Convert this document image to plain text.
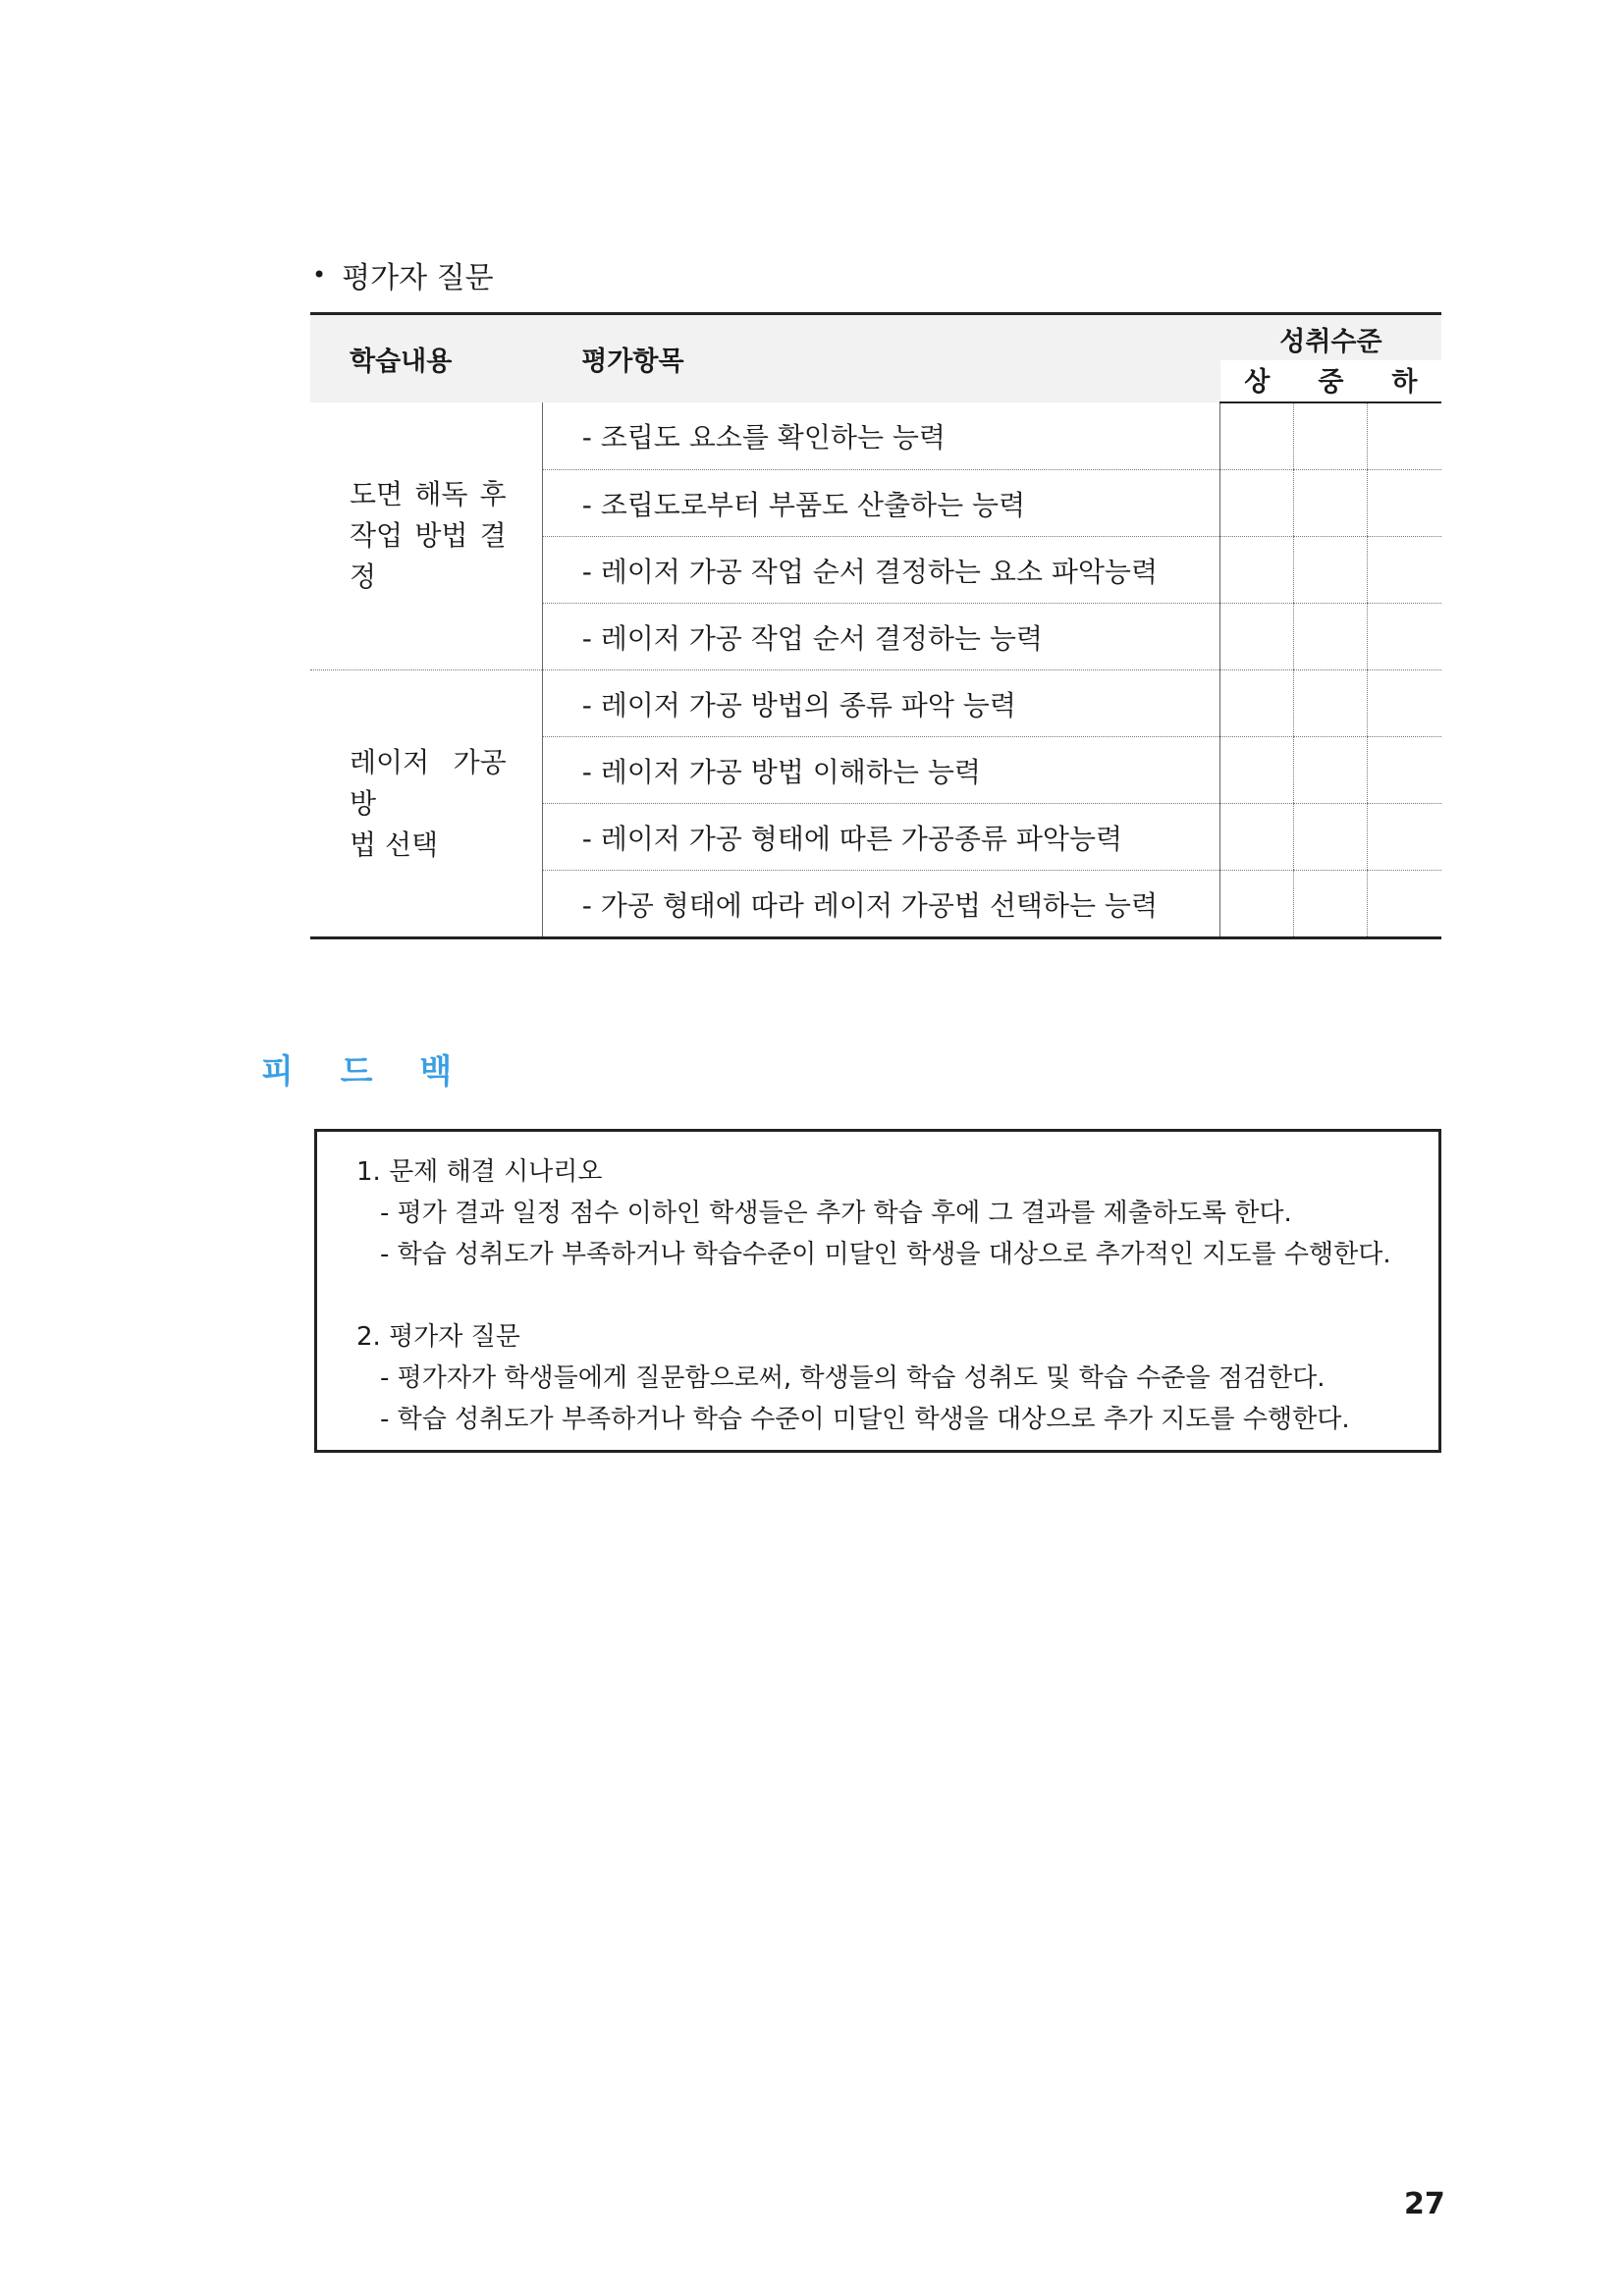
• 평가자 질문
학습내용	평가항목	성취수준		
		상	중	하

도면 해독 후
작업 방법 결정	- 조립도 요소를 확인하는 능력			
	- 조립도로부터 부품도 산출하는 능력			
	- 레이저 가공 작업 순서 결정하는 요소 파악능력			
	- 레이저 가공 작업 순서 결정하는 능력			

레이저 가공 방
법 선택	- 레이저 가공 방법의 종류 파악 능력			
	- 레이저 가공 방법 이해하는 능력			
	- 레이저 가공 형태에 따른 가공종류 파악능력			
	- 가공 형태에 따라 레이저 가공법 선택하는 능력			
피 드 백
1. 문제 해결 시나리오
- 평가 결과 일정 점수 이하인 학생들은 추가 학습 후에 그 결과를 제출하도록 한다.
- 학습 성취도가 부족하거나 학습수준이 미달인 학생을 대상으로 추가적인 지도를 수행한다.
2. 평가자 질문
- 평가자가 학생들에게 질문함으로써, 학생들의 학습 성취도 및 학습 수준을 점검한다.
- 학습 성취도가 부족하거나 학습 수준이 미달인 학생을 대상으로 추가 지도를 수행한다.
27
